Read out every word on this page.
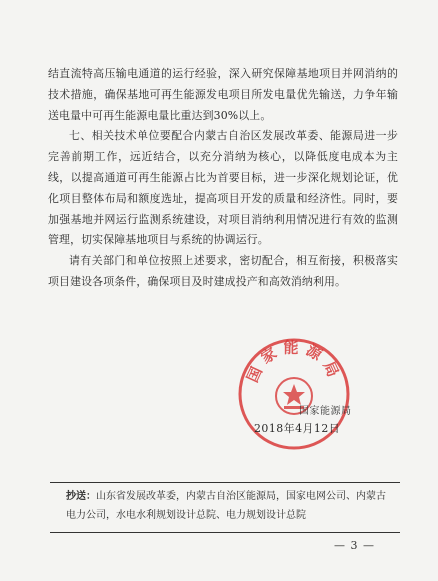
结直流特高压输电通道的运行经验，深入研究保障基地项目并网消纳的技术措施，确保基地可再生能源发电项目所发电量优先输送，力争年输送电量中可再生能源电量比重达到30%以上。

七、相关技术单位要配合内蒙古自治区发展改革委、能源局进一步完善前期工作，远近结合，以充分消纳为核心，以降低度电成本为主线，以提高通道可再生能源占比为首要目标，进一步深化规划论证，优化项目整体布局和额度选址，提高项目开发的质量和经济性。同时，要加强基地并网运行监测系统建设，对项目消纳利用情况进行有效的监测管理，切实保障基地项目与系统的协调运行。

请有关部门和单位按照上述要求，密切配合，相互衔接，积极落实项目建设各项条件，确保项目及时建成投产和高效消纳利用。

国家能源局
国家能源局
2018年4月12日
抄送：山东省发展改革委，内蒙古自治区能源局，国家电网公司、内蒙古电力公司，水电水利规划设计总院、电力规划设计总院
— 3 —
